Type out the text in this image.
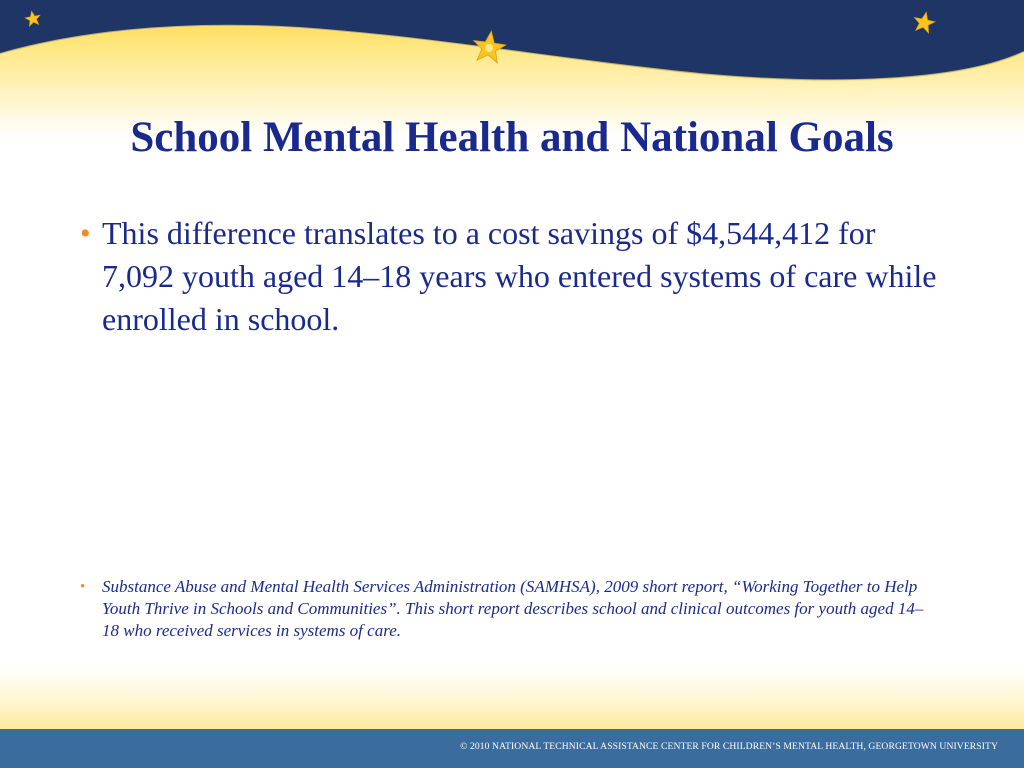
School Mental Health and National Goals
• This difference translates to a cost savings of $4,544,412 for 7,092 youth aged 14–18 years who entered systems of care while enrolled in school.
• Substance Abuse and Mental Health Services Administration (SAMHSA), 2009 short report, “Working Together to Help Youth Thrive in Schools and Communities”. This short report describes school and clinical outcomes for youth aged 14–18 who received services in systems of care.
© 2010 NATIONAL TECHNICAL ASSISTANCE CENTER FOR CHILDREN’S MENTAL HEALTH, GEORGETOWN UNIVERSITY
